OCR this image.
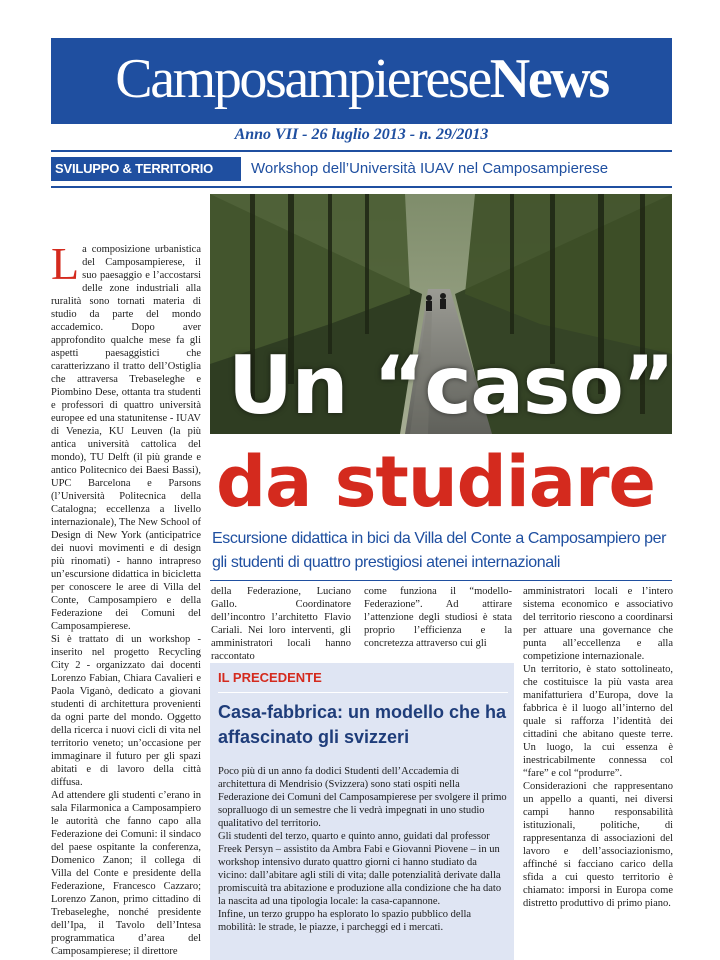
CamposampiereseNews
Anno VII - 26 luglio 2013 - n. 29/2013
SVILUPPO & TERRITORIO	Workshop dell’Università IUAV nel Camposampierese
Un “caso”
da studiare
Escursione didattica in bici da Villa del Conte a Camposampiero per gli studenti di quattro prestigiosi atenei internazionali

La composizione urbanistica del Camposampierese, il suo paesaggio e l’accostarsi delle zone industriali alla ruralità sono tornati materia di studio da parte del mondo accademico. Dopo aver approfondito qualche mese fa gli aspetti paesaggistici che caratterizzano il tratto dell’Ostiglia che attraversa Trebaseleghe e Piombino Dese, ottanta tra studenti e professori di quattro università europee ed una statunitense - IUAV di Venezia, KU Leuven (la più antica università cattolica del mondo), TU Delft (il più grande e antico Politecnico dei Baesi Bassi), UPC Barcelona e Parsons (l’Università Politecnica della Catalogna; eccellenza a livello internazionale), The New School of Design di New York (anticipatrice dei nuovi movimenti e di design più rinomati) - hanno intrapreso un’escursione didattica in bicicletta per conoscere le aree di Villa del Conte, Camposampiero e della Federazione dei Comuni del Camposampierese.

Si è trattato di un workshop - inserito nel progetto Recycling City 2 - organizzato dai docenti Lorenzo Fabian, Chiara Cavalieri e Paola Viganò, dedicato a giovani studenti di architettura provenienti da ogni parte del mondo. Oggetto della ricerca i nuovi cicli di vita nel territorio veneto; un’occasione per immaginare il futuro per gli spazi abitati e di lavoro della città diffusa.

Ad attendere gli studenti c’erano in sala Filarmonica a Camposampiero le autorità che fanno capo alla Federazione dei Comuni: il sindaco del paese ospitante la conferenza, Domenico Zanon; il collega di Villa del Conte e presidente della Federazione, Francesco Cazzaro; Lorenzo Zanon, primo cittadino di Trebaseleghe, nonché presidente dell’Ipa, il Tavolo dell’Intesa programmatica d’area del Camposampierese; il direttore

della Federazione, Luciano Gallo. Coordinatore dell’incontro l’architetto Flavio Cariali. Nei loro interventi, gli amministratori locali hanno raccontato

come funziona il “modello-Federazione”. Ad attirare l’attenzione degli studiosi è stata proprio l’efficienza e la concretezza attraverso cui gli

amministratori locali e l’intero sistema economico e associativo del territorio riescono a coordinarsi per attuare una governance che punta all’eccellenza e alla competizione internazionale.

Un territorio, è stato sottolineato, che costituisce la più vasta area manifatturiera d’Europa, dove la fabbrica è il luogo all’interno del quale si rafforza l’identità dei cittadini che abitano queste terre. Un luogo, la cui essenza è inestricabilmente connessa col “fare” e col “produrre”.

Considerazioni che rappresentano un appello a quanti, nei diversi campi hanno responsabilità istituzionali, politiche, di rappresentanza di associazioni del lavoro e dell’associazionismo, affinché si facciano carico della sfida a cui questo territorio è chiamato: imporsi in Europa come distretto produttivo di primo piano.

IL PRECEDENTE
Casa-fabbrica: un modello che ha affascinato gli svizzeri

Poco più di un anno fa dodici Studenti dell’Accademia di architettura di Mendrisio (Svizzera) sono stati ospiti nella Federazione dei Comuni del Camposampierese per svolgere il primo sopralluogo di un semestre che li vedrà impegnati in uno studio qualitativo del territorio.

Gli studenti del terzo, quarto e quinto anno, guidati dal professor Freek Persyn – assistito da Ambra Fabi e Giovanni Piovene – in un workshop intensivo durato quattro giorni ci hanno studiato da vicino: dall’abitare agli stili di vita; dalle potenzialità derivate dalla promiscuità tra abitazione e produzione alla condizione che ha dato la nascita ad una tipologia locale: la casa-capannone.

Infine, un terzo gruppo ha esplorato lo spazio pubblico della mobilità: le strade, le piazze, i parcheggi ed i mercati.
